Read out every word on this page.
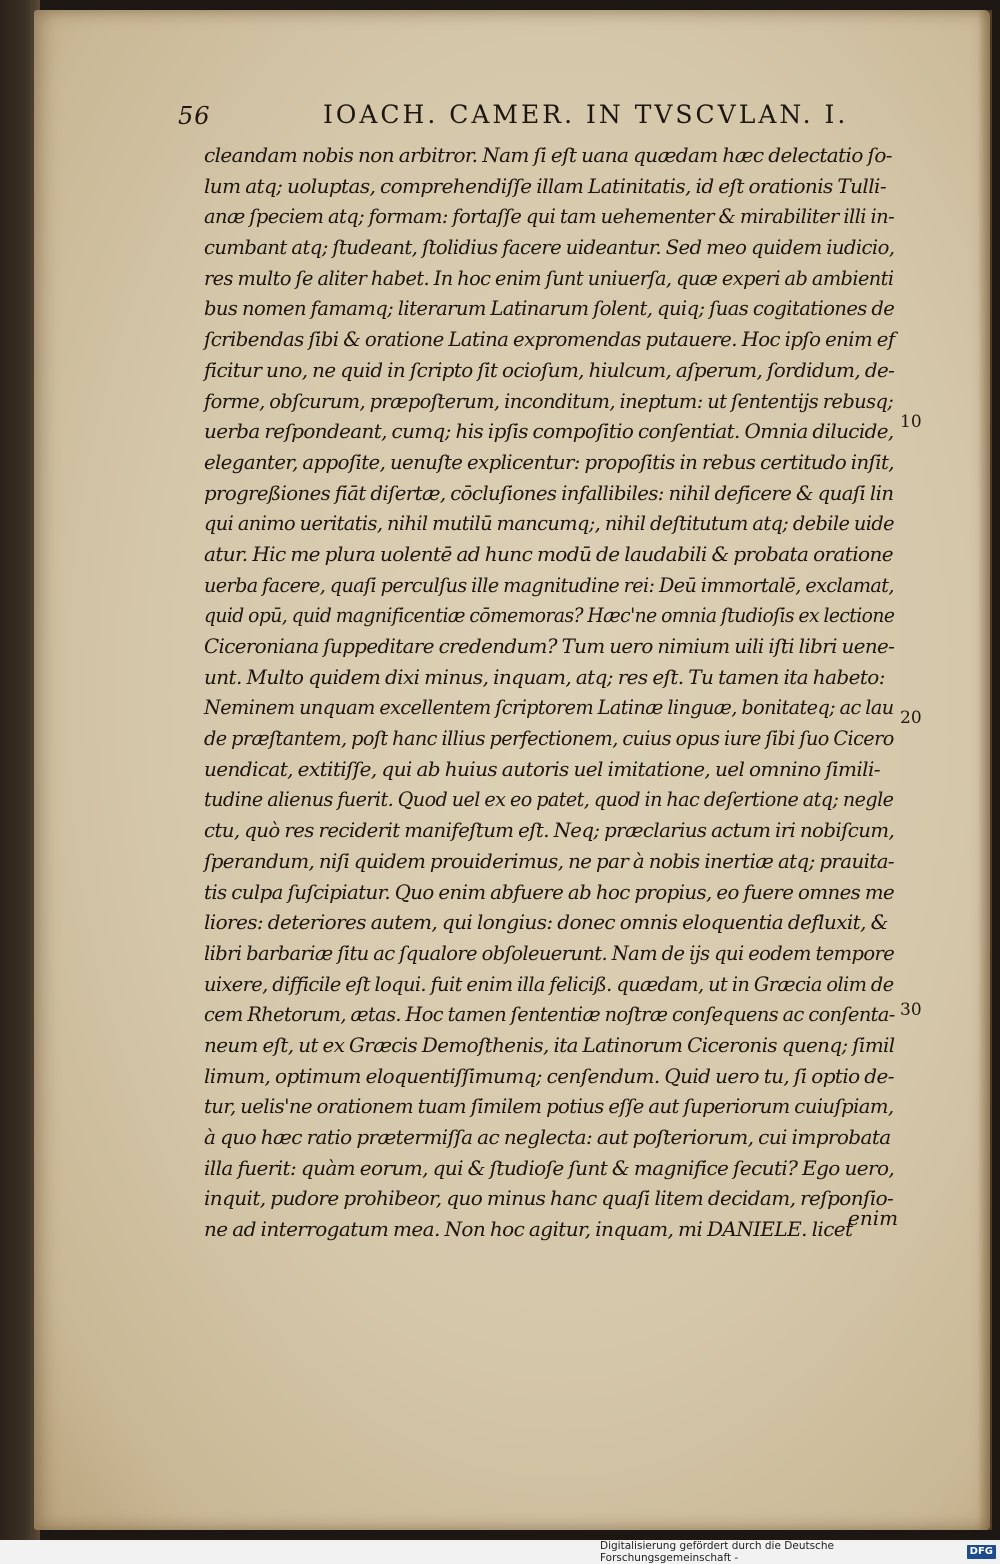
56	IOACH. CAMER. IN TVSCVLAN. I.
cleandam nobis non arbitror. Nam ſi eſt uana quædam hæc delectatio ſo-
lum atq; uoluptas, comprehendiſſe illam Latinitatis, id eſt orationis Tulli-
anæ ſpeciem atq; formam: fortaſſe qui tam uehementer & mirabiliter illi in-
cumbant atq; ſtudeant, ſtolidius facere uideantur. Sed meo quidem iudicio,
res multo ſe aliter habet. In hoc enim ſunt uniuerſa, quæ experi ab ambienti
bus nomen famamq; literarum Latinarum ſolent, quiq; ſuas cogitationes de
ſcribendas ſibi & oratione Latina expromendas putauere. Hoc ipſo enim ef
ficitur uno, ne quid in ſcripto ſit ocioſum, hiulcum, aſperum, ſordidum, de-
forme, obſcurum, præpoſterum, inconditum, ineptum: ut ſententijs rebusq;
uerba reſpondeant, cumq; his ipſis compoſitio conſentiat. Omnia dilucide,
eleganter, appoſite, uenuſte explicentur: propoſitis in rebus certitudo inſit,
progreßiones fiāt diſertæ, cōcluſiones infallibiles: nihil deficere & quaſi lin
qui animo ueritatis, nihil mutilū mancumq;, nihil deſtitutum atq; debile uide
atur. Hic me plura uolentē ad hunc modū de laudabili & probata oratione
uerba facere, quaſi perculſus ille magnitudine rei: Deū immortalē, exclamat,
quid opū, quid magnificentiæ cōmemoras? Hæc'ne omnia ſtudioſis ex lectione
Ciceroniana ſuppeditare credendum? Tum uero nimium uili iſti libri uene-
unt. Multo quidem dixi minus, inquam, atq; res eſt. Tu tamen ita habeto:
Neminem unquam excellentem ſcriptorem Latinæ linguæ, bonitateq; ac lau
de præſtantem, poſt hanc illius perfectionem, cuius opus iure ſibi ſuo Cicero
uendicat, extitiſſe, qui ab huius autoris uel imitatione, uel omnino ſimili-
tudine alienus fuerit. Quod uel ex eo patet, quod in hac deſertione atq; negle
ctu, quò res reciderit manifeſtum eſt. Neq; præclarius actum iri nobiſcum,
ſperandum, niſi quidem prouiderimus, ne par à nobis inertiæ atq; prauita-
tis culpa ſuſcipiatur. Quo enim abfuere ab hoc propius, eo fuere omnes me
liores: deteriores autem, qui longius: donec omnis eloquentia defluxit, &
libri barbariæ ſitu ac ſqualore obſoleuerunt. Nam de ijs qui eodem tempore
uixere, difficile eſt loqui. fuit enim illa feliciß. quædam, ut in Græcia olim de
cem Rhetorum, ætas. Hoc tamen ſententiæ noſtræ conſequens ac conſenta-
neum eſt, ut ex Græcis Demoſthenis, ita Latinorum Ciceronis quenq; ſimil
limum, optimum eloquentiſſimumq; cenſendum. Quid uero tu, ſi optio de-
tur, uelis'ne orationem tuam ſimilem potius eſſe aut ſuperiorum cuiuſpiam,
à quo hæc ratio prætermiſſa ac neglecta: aut poſteriorum, cui improbata
illa fuerit: quàm eorum, qui & ſtudioſe ſunt & magnifice ſecuti? Ego uero,
inquit, pudore prohibeor, quo minus hanc quaſi litem decidam, reſponſio-
ne ad interrogatum mea. Non hoc agitur, inquam, mi DANIELE. licet
enim
10
20
30
Digitalisierung gefördert durch die Deutsche Forschungsgemeinschaft -
DFG
